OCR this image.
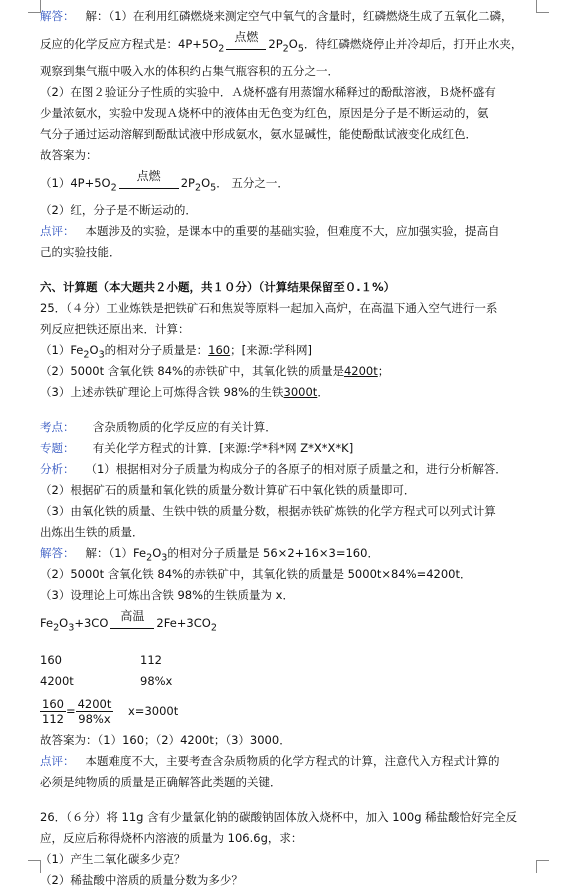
解答： 解：（1）在利用红磷燃烧来测定空气中氧气的含量时，红磷燃烧生成了五氧化二磷，
反应的化学反应方程式是：$4P+5O_2$
点燃 $2P_2O_5$．待红磷燃烧停止并冷却后，打开止水夹，
观察到集气瓶中吸入水的体积约占集气瓶容积的五分之一．
（2）在图２验证分子性质的实验中．Ａ烧杯盛有用蒸馏水稀释过的酚酞溶液，Ｂ烧杯盛有
少量浓氨水，实验中发现Ａ烧杯中的液体由无色变为红色，原因是分子是不断运动的，氨
气分子通过运动溶解到酚酞试液中形成氨水，氨水显碱性，能使酚酞试液变化成红色．
故答案为：
$(1)4P+5O_2$
点燃	$2P_2O_5$． 五分之一．
（2）红，分子是不断运动的．
点评： 本题涉及的实验，是课本中的重要的基础实验，但难度不大，应加强实验，提高自
己的实验技能．
六、计算题（本大题共２小题，共１０分）（计算结果保留至０.１%）
25．（４分）工业炼铁是把铁矿石和焦炭等原料一起加入高炉，在高温下通入空气进行一系
列反应把铁还原出来．计算：
$(1)Fe_2O_3$的相对分子质量是：160；[来源:学科网]
（2）5000t 含氧化铁 84%的赤铁矿中，其氧化铁的质量是4200t；
（3）上述赤铁矿理论上可炼得含铁 98%的生铁3000t．
考点： 含杂质物质的化学反应的有关计算．
专题： 有关化学方程式的计算．[来源:学*科*网 Z*X*X*K]
分析： （1）根据相对分子质量为构成分子的各原子的相对原子质量之和，进行分析解答．
（2）根据矿石的质量和氧化铁的质量分数计算矿石中氧化铁的质量即可．
（3）由氧化铁的质量、生铁中铁的质量分数，根据赤铁矿炼铁的化学方程式可以列式计算
出炼出生铁的质量．
解答： 解：$(1)Fe_2O_3$的相对分子质量是 56×2+16×3=160．
（2）5000t 含氧化铁 84%的赤铁矿中，其氧化铁的质量是 5000t×84%=4200t．
（3）设理论上可炼出含铁 98%的生铁质量为 x．
$Fe_2O_3+3CO$ 高温	$2Fe+3CO_2$
160	112
4200t	98%x
$\frac{160}{112} = \frac{4200t}{98\%x} x=3000t$
故答案为：（1）160；（2）4200t；（3）3000．
点评： 本题难度不大，主要考查含杂质物质的化学方程式的计算，注意代入方程式计算的
必须是纯物质的质量是正确解答此类题的关键．
26．（６分）将 11g 含有少量氯化钠的碳酸钠固体放入烧杯中，加入 100g 稀盐酸恰好完全反
应，反应后称得烧杯内溶液的质量为 106.6g，求：
（1）产生二氧化碳多少克？
（2）稀盐酸中溶质的质量分数为多少？
